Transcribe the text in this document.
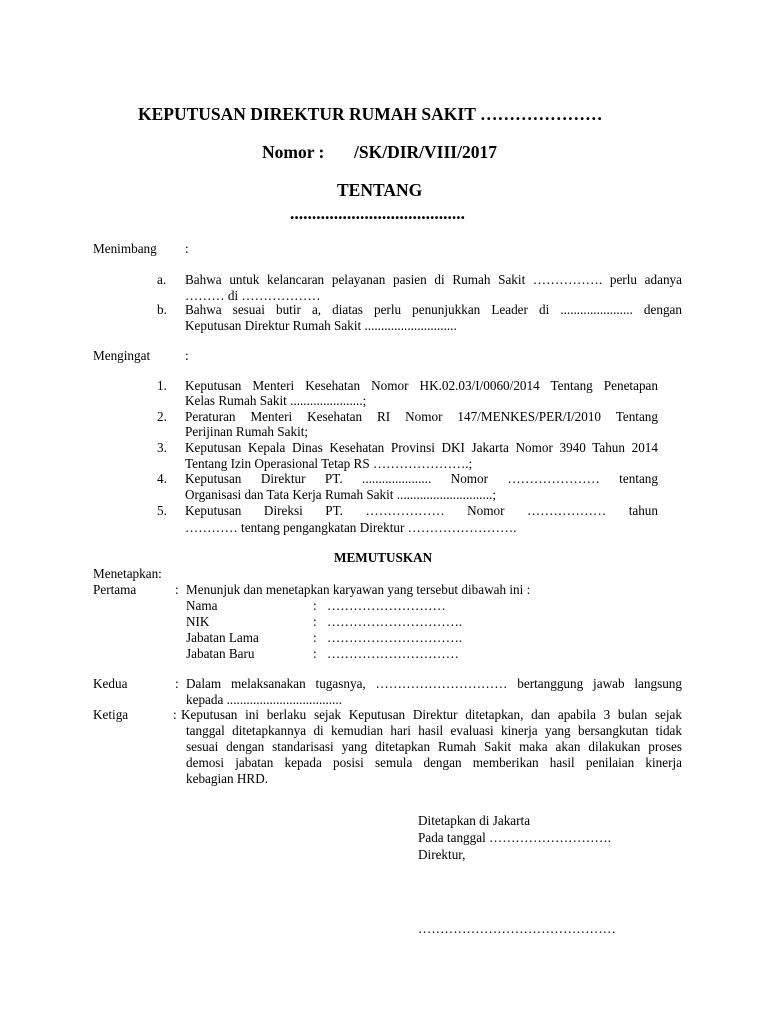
KEPUTUSAN DIREKTUR RUMAH SAKIT …………………
Nomor : /SK/DIR/VIII/2017
TENTANG
........................................
Menimbang :
a. Bahwa untuk kelancaran pelayanan pasien di Rumah Sakit ……………. perlu adanya
……… di ………………
b. Bahwa sesuai butir a, diatas perlu penunjukkan Leader di ...................... dengan
Keputusan Direktur Rumah Sakit ............................
Mengingat	:
1. Keputusan Menteri Kesehatan Nomor HK.02.03/I/0060/2014 Tentang Penetapan
Kelas Rumah Sakit ......................;
2. Peraturan Menteri Kesehatan RI Nomor 147/MENKES/PER/I/2010 Tentang
Perijinan Rumah Sakit;
3. Keputusan Kepala Dinas Kesehatan Provinsi DKI Jakarta Nomor 3940 Tahun 2014
Tentang Izin Operasional Tetap RS ………………….;
4. Keputusan Direktur PT. ..................... Nomor ………………… tentang
Organisasi dan Tata Kerja Rumah Sakit .............................;
5. Keputusan Direksi PT. ……………… Nomor ……………… tahun
………… tentang pengangkatan Direktur …………………….
MEMUTUSKAN
Menetapkan:
Pertama	: Menunjuk dan menetapkan karyawan yang tersebut dibawah ini :
Nama	: ………………………
NIK	: ………………………….
Jabatan Lama	: ………………………….
Jabatan Baru	: …………………………
Kedua	: Dalam melaksanakan tugasnya, ………………………… bertanggung jawab langsung
kepada ...................................
Ketiga	: Keputusan ini berlaku sejak Keputusan Direktur ditetapkan, dan apabila 3 bulan sejak
tanggal ditetapkannya di kemudian hari hasil evaluasi kinerja yang bersangkutan tidak
sesuai dengan standarisasi yang ditetapkan Rumah Sakit maka akan dilakukan proses
demosi jabatan kepada posisi semula dengan memberikan hasil penilaian kinerja
kebagian HRD.
Ditetapkan di Jakarta
Pada tanggal ……………………….
Direktur,
………………………………………
